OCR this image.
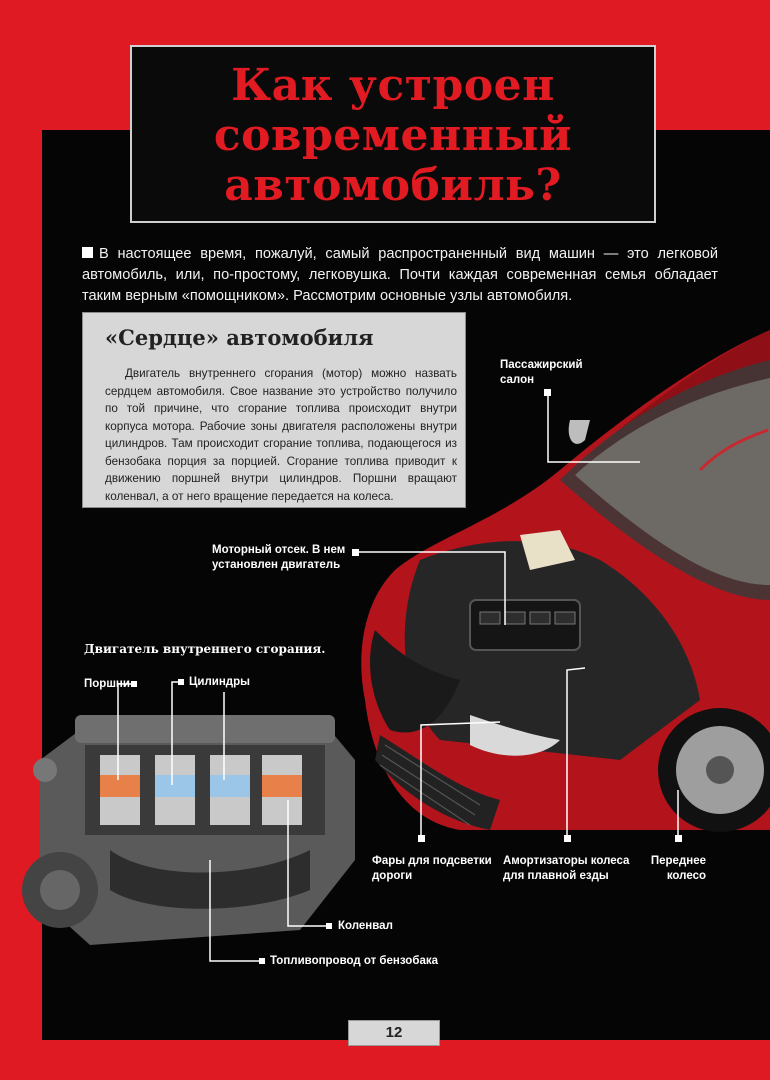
Как устроен
современный
автомобиль?
В настоящее время, пожалуй, самый распространенный вид машин — это легковой автомобиль, или, по-простому, легковушка. Почти каждая современная семья обладает таким верным «помощником». Рассмотрим основные узлы автомобиля.
«Сердце» автомобиля
Двигатель внутреннего сгорания (мотор) можно назвать сердцем автомобиля. Свое название это устройство получило по той причине, что сгорание топлива происходит внутри корпуса мотора. Рабочие зоны двигателя расположены внутри цилиндров. Там происходит сгорание топлива, подающегося из бензобака порция за порцией. Сгорание топлива приводит к движению поршней внутри цилиндров. Поршни вращают коленвал, а от него вращение передается на колеса.
Пассажирский
салон
Моторный отсек. В нем
установлен двигатель
Фары для подсветки
дороги
Амортизаторы колеса
для плавной езды
Переднее
колесо
Двигатель внутреннего сгорания.
Поршни	Цилиндры
Коленвал
Топливопровод от бензобака
12
